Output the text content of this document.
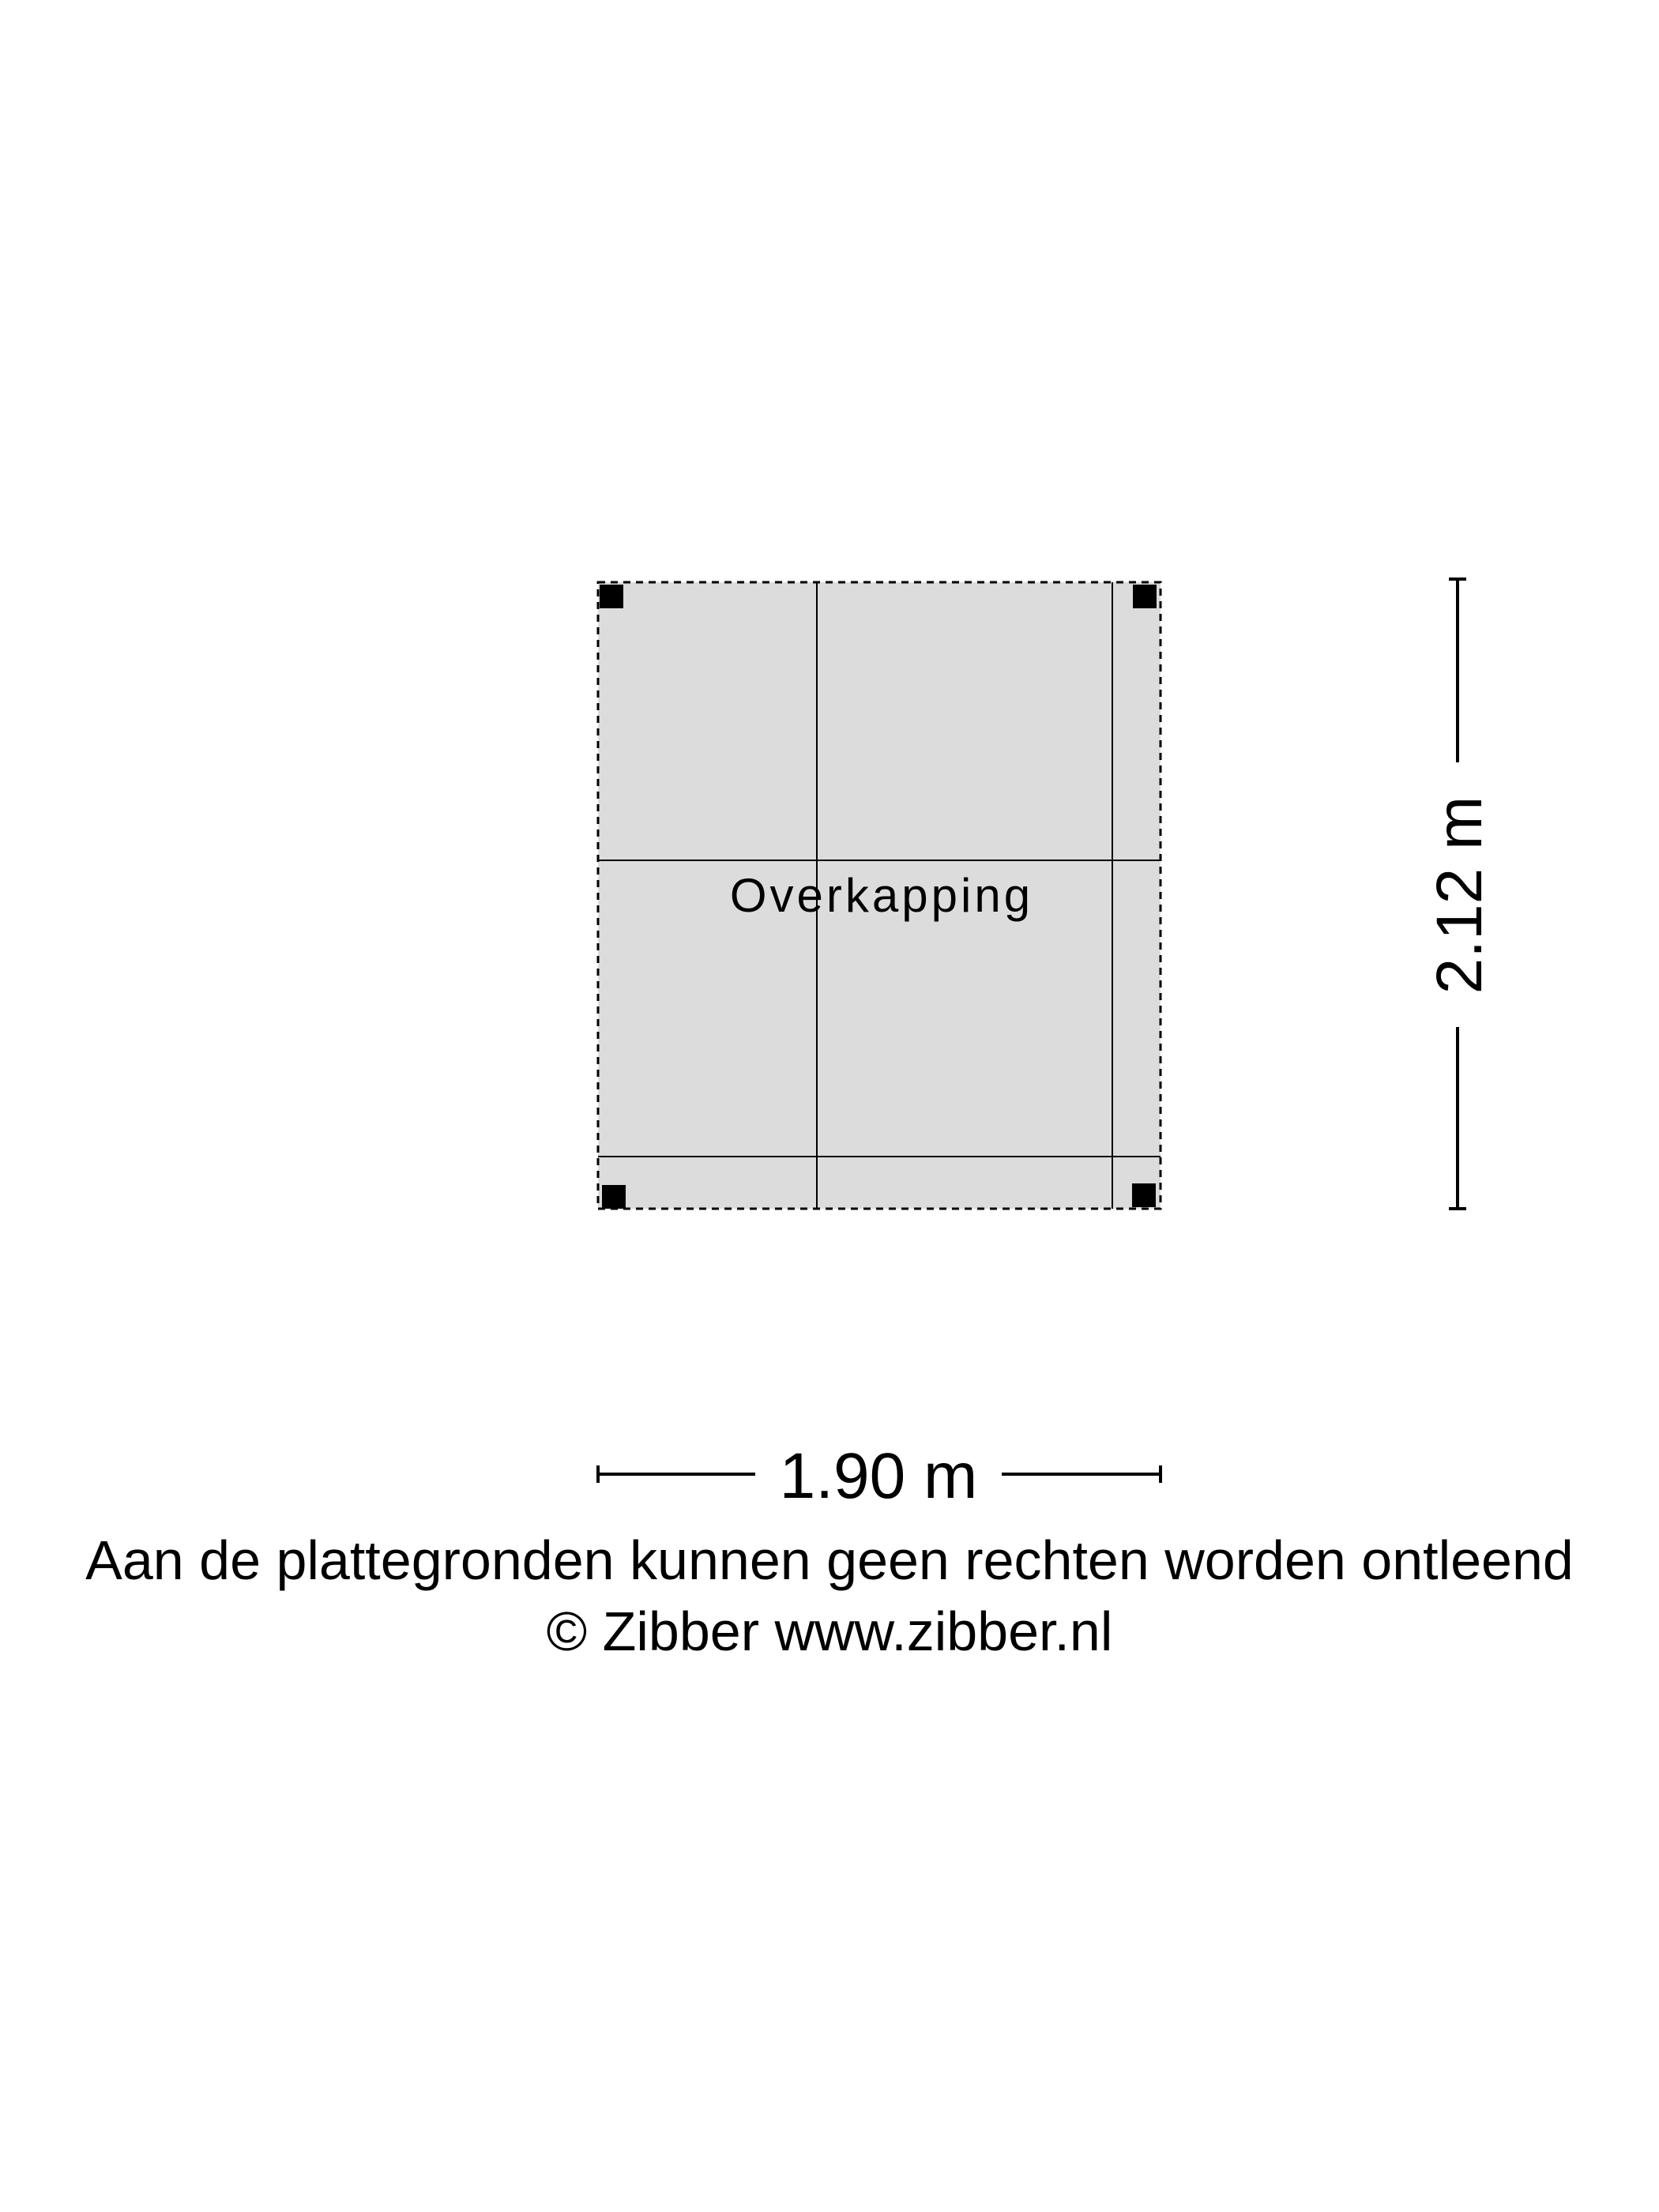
Overkapping	2.12 m
1.90 m
Aan de plattegronden kunnen geen rechten worden ontleend
© Zibber www.zibber.nl
